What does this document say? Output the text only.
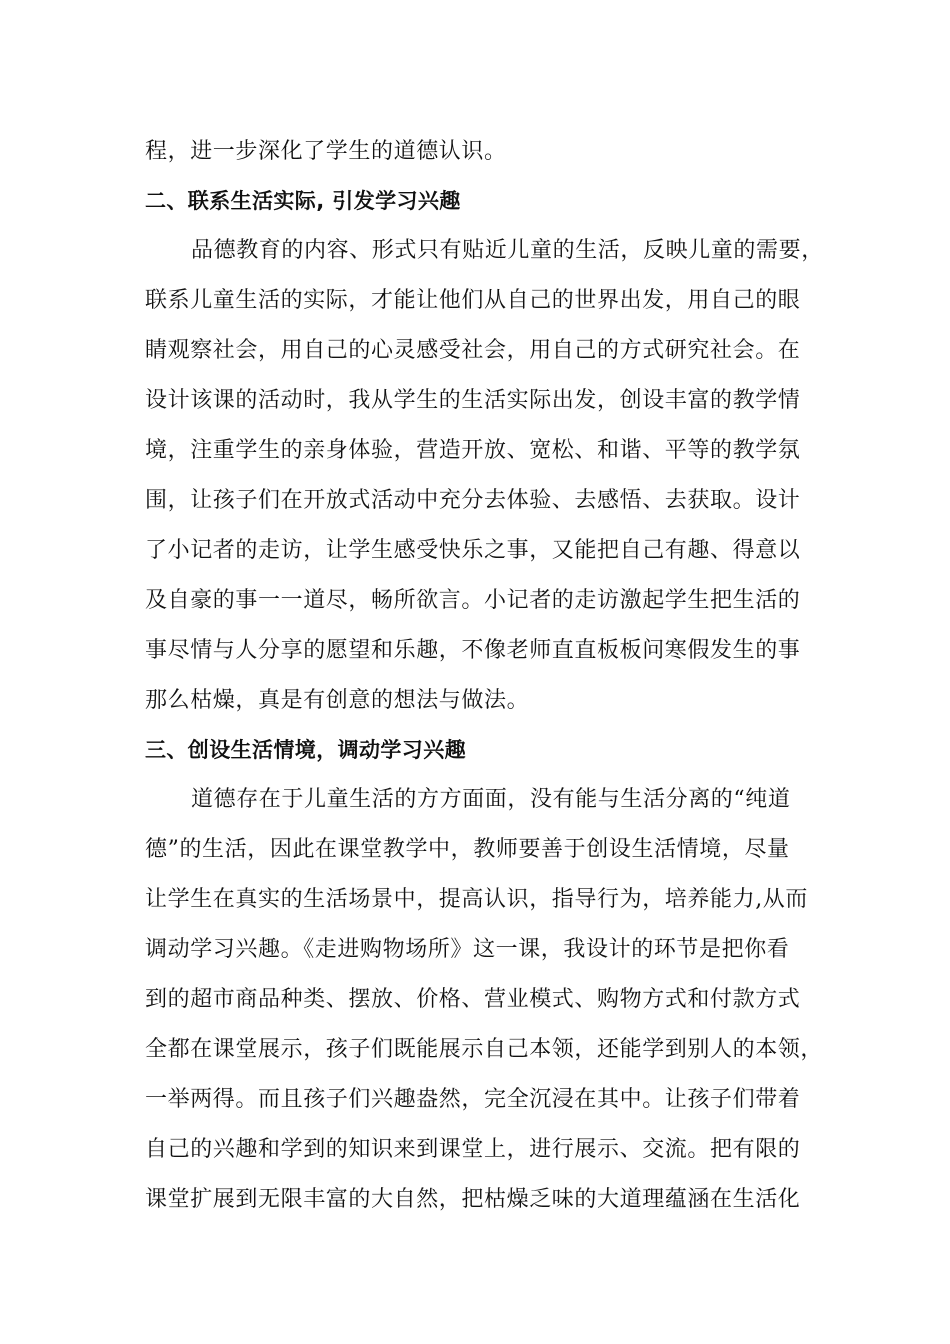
程，进一步深化了学生的道德认识。
二、联系生活实际, 引发学习兴趣
品德教育的内容、形式只有贴近儿童的生活，反映儿童的需要，
联系儿童生活的实际，才能让他们从自己的世界出发，用自己的眼
睛观察社会，用自己的心灵感受社会，用自己的方式研究社会。在
设计该课的活动时，我从学生的生活实际出发，创设丰富的教学情
境，注重学生的亲身体验，营造开放、宽松、和谐、平等的教学氛
围，让孩子们在开放式活动中充分去体验、去感悟、去获取。设计
了小记者的走访，让学生感受快乐之事，又能把自己有趣、得意以
及自豪的事一一道尽，畅所欲言。小记者的走访激起学生把生活的
事尽情与人分享的愿望和乐趣，不像老师直直板板问寒假发生的事
那么枯燥，真是有创意的想法与做法。
三、创设生活情境，调动学习兴趣
道德存在于儿童生活的方方面面，没有能与生活分离的“纯道
德”的生活，因此在课堂教学中，教师要善于创设生活情境，尽量
让学生在真实的生活场景中，提高认识，指导行为，培养能力,从而
调动学习兴趣。《走进购物场所》这一课，我设计的环节是把你看
到的超市商品种类、摆放、价格、营业模式、购物方式和付款方式
全都在课堂展示，孩子们既能展示自己本领，还能学到别人的本领，
一举两得。而且孩子们兴趣盎然，完全沉浸在其中。让孩子们带着
自己的兴趣和学到的知识来到课堂上，进行展示、交流。把有限的
课堂扩展到无限丰富的大自然，把枯燥乏味的大道理蕴涵在生活化
